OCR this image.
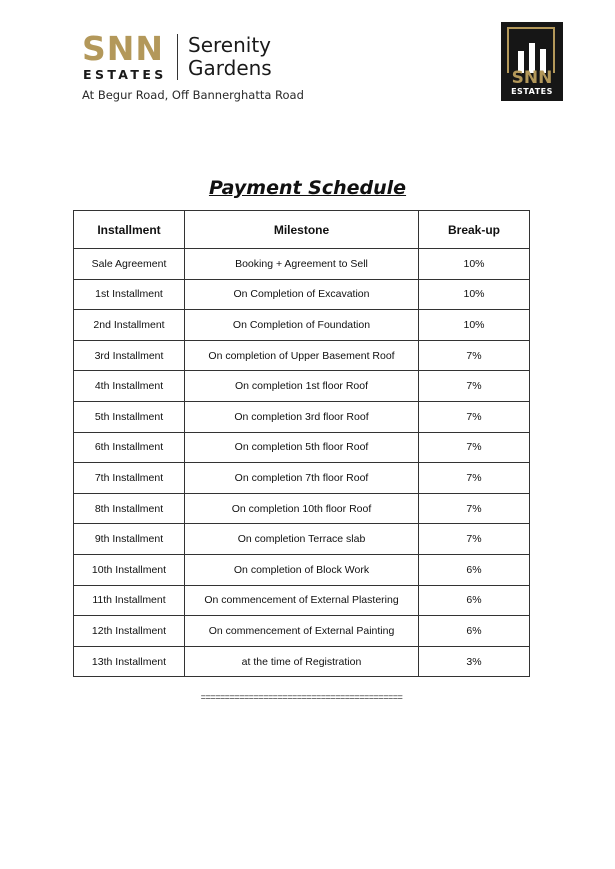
SNN
ESTATES
Serenity
Gardens
At Begur Road, Off Bannerghatta Road
SNN
ESTATES
Payment Schedule
Installment	Milestone	Break-up
Sale Agreement	Booking + Agreement to Sell	10%
1st Installment	On Completion of Excavation	10%
2nd Installment	On Completion of Foundation	10%
3rd Installment	On completion of Upper Basement Roof	7%
4th Installment	On completion 1st floor Roof	7%
5th Installment	On completion 3rd floor Roof	7%
6th Installment	On completion 5th floor Roof	7%
7th Installment	On completion 7th floor Roof	7%
8th Installment	On completion 10th floor Roof	7%
9th Installment	On completion Terrace slab	7%
10th Installment	On completion of Block Work	6%
11th Installment	On commencement of External Plastering	6%
12th Installment	On commencement of External Painting	6%
13th Installment	at the time of Registration	3%
==========================================
